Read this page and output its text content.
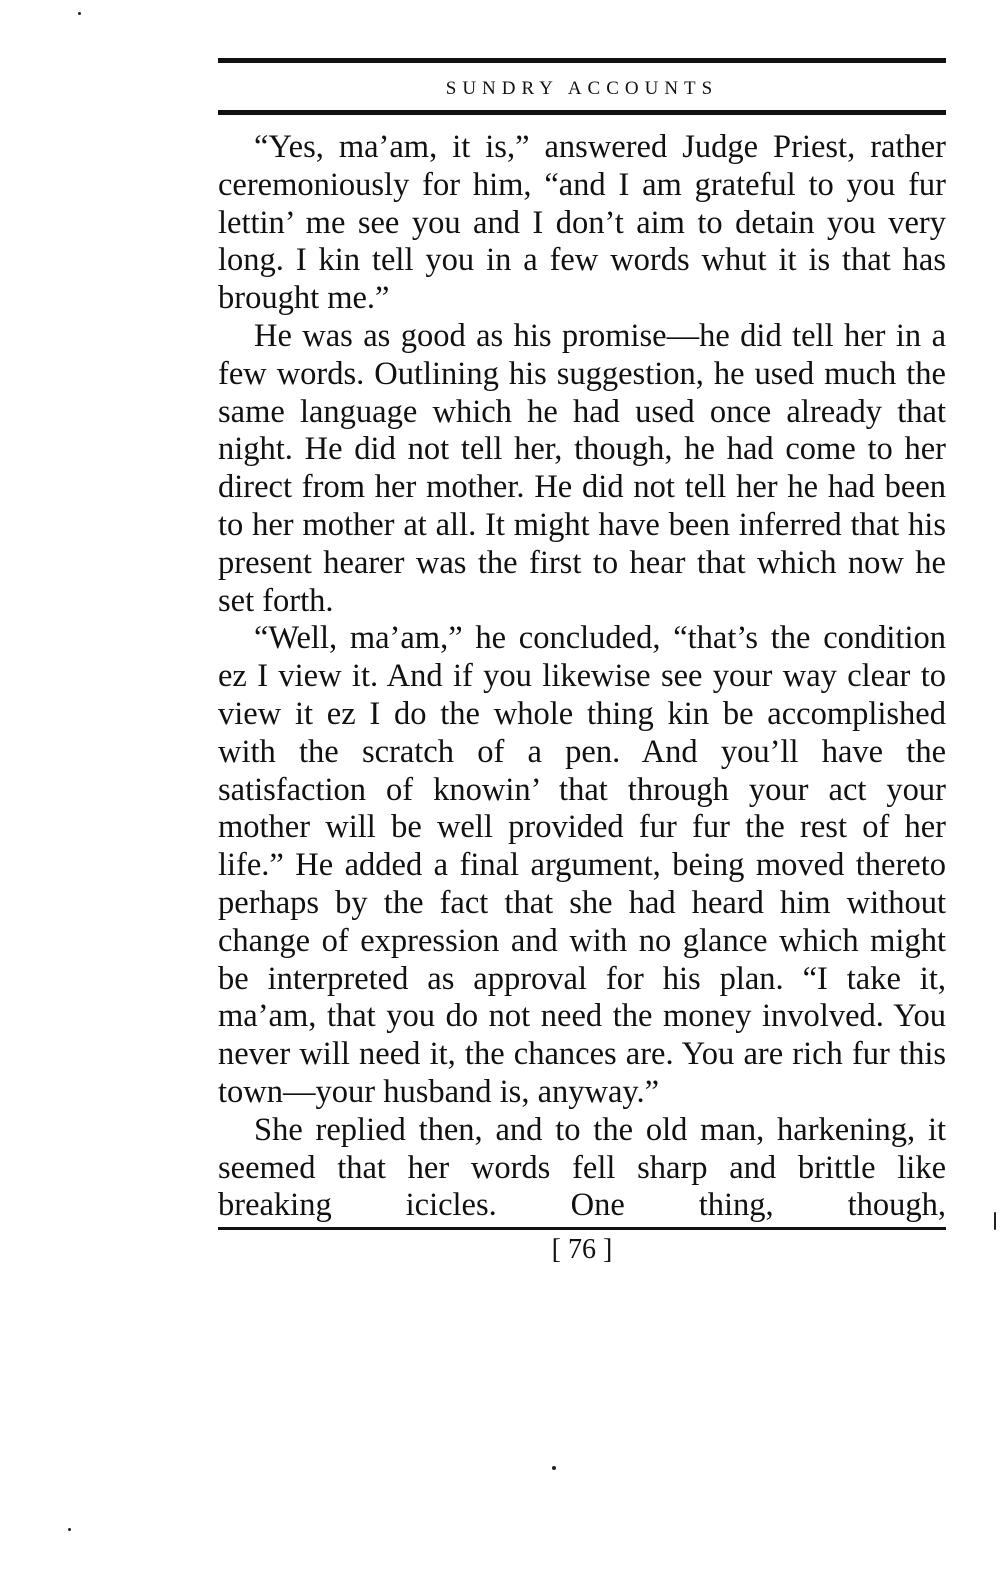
SUNDRY ACCOUNTS

“Yes, ma’am, it is,” answered Judge Priest, rather ceremoniously for him, “and I am grateful to you fur lettin’ me see you and I don’t aim to detain you very long. I kin tell you in a few words whut it is that has brought me.”

He was as good as his promise—he did tell her in a few words. Outlining his suggestion, he used much the same language which he had used once already that night. He did not tell her, though, he had come to her direct from her mother. He did not tell her he had been to her mother at all. It might have been inferred that his present hearer was the first to hear that which now he set forth.

“Well, ma’am,” he concluded, “that’s the condition ez I view it. And if you likewise see your way clear to view it ez I do the whole thing kin be accomplished with the scratch of a pen. And you’ll have the satisfaction of knowin’ that through your act your mother will be well provided fur fur the rest of her life.” He added a final argument, being moved thereto perhaps by the fact that she had heard him without change of expression and with no glance which might be interpreted as approval for his plan. “I take it, ma’am, that you do not need the money involved. You never will need it, the chances are. You are rich fur this town—your husband is, anyway.”

She replied then, and to the old man, harkening, it seemed that her words fell sharp and brittle like breaking icicles. One thing, though,

[ 76 ]
